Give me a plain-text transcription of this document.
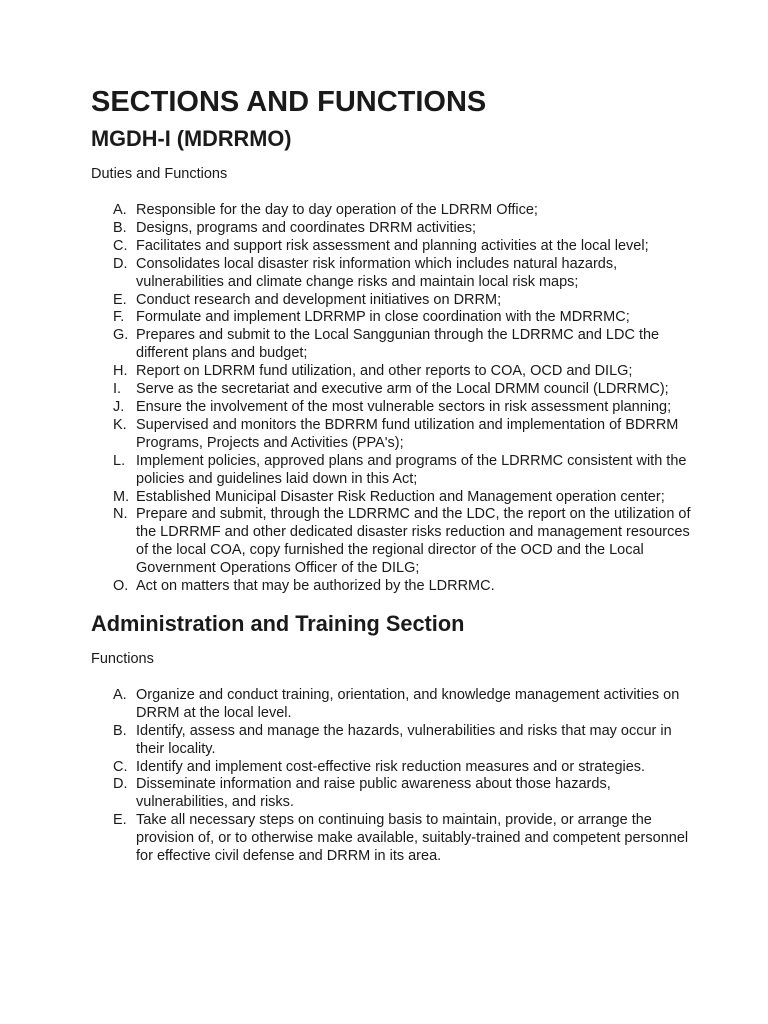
SECTIONS AND FUNCTIONS
MGDH-I (MDRRMO)

Duties and Functions

A. Responsible for the day to day operation of the LDRRM Office;
B. Designs, programs and coordinates DRRM activities;
C. Facilitates and support risk assessment and planning activities at the local level;
D. Consolidates local disaster risk information which includes natural hazards, vulnerabilities and climate change risks and maintain local risk maps;
E. Conduct research and development initiatives on DRRM;
F. Formulate and implement LDRRMP in close coordination with the MDRRMC;
G. Prepares and submit to the Local Sanggunian through the LDRRMC and LDC the different plans and budget;
H. Report on LDRRM fund utilization, and other reports to COA, OCD and DILG;
I. Serve as the secretariat and executive arm of the Local DRMM council (LDRRMC);
J. Ensure the involvement of the most vulnerable sectors in risk assessment planning;
K. Supervised and monitors the BDRRM fund utilization and implementation of BDRRM Programs, Projects and Activities (PPA's);
L. Implement policies, approved plans and programs of the LDRRMC consistent with the policies and guidelines laid down in this Act;
M. Established Municipal Disaster Risk Reduction and Management operation center;
N. Prepare and submit, through the LDRRMC and the LDC, the report on the utilization of the LDRRMF and other dedicated disaster risks reduction and management resources of the local COA, copy furnished the regional director of the OCD and the Local Government Operations Officer of the DILG;
O. Act on matters that may be authorized by the LDRRMC.
Administration and Training Section

Functions

A. Organize and conduct training, orientation, and knowledge management activities on DRRM at the local level.
B. Identify, assess and manage the hazards, vulnerabilities and risks that may occur in their locality.
C. Identify and implement cost-effective risk reduction measures and or strategies.
D. Disseminate information and raise public awareness about those hazards, vulnerabilities, and risks.
E. Take all necessary steps on continuing basis to maintain, provide, or arrange the provision of, or to otherwise make available, suitably-trained and competent personnel for effective civil defense and DRRM in its area.
